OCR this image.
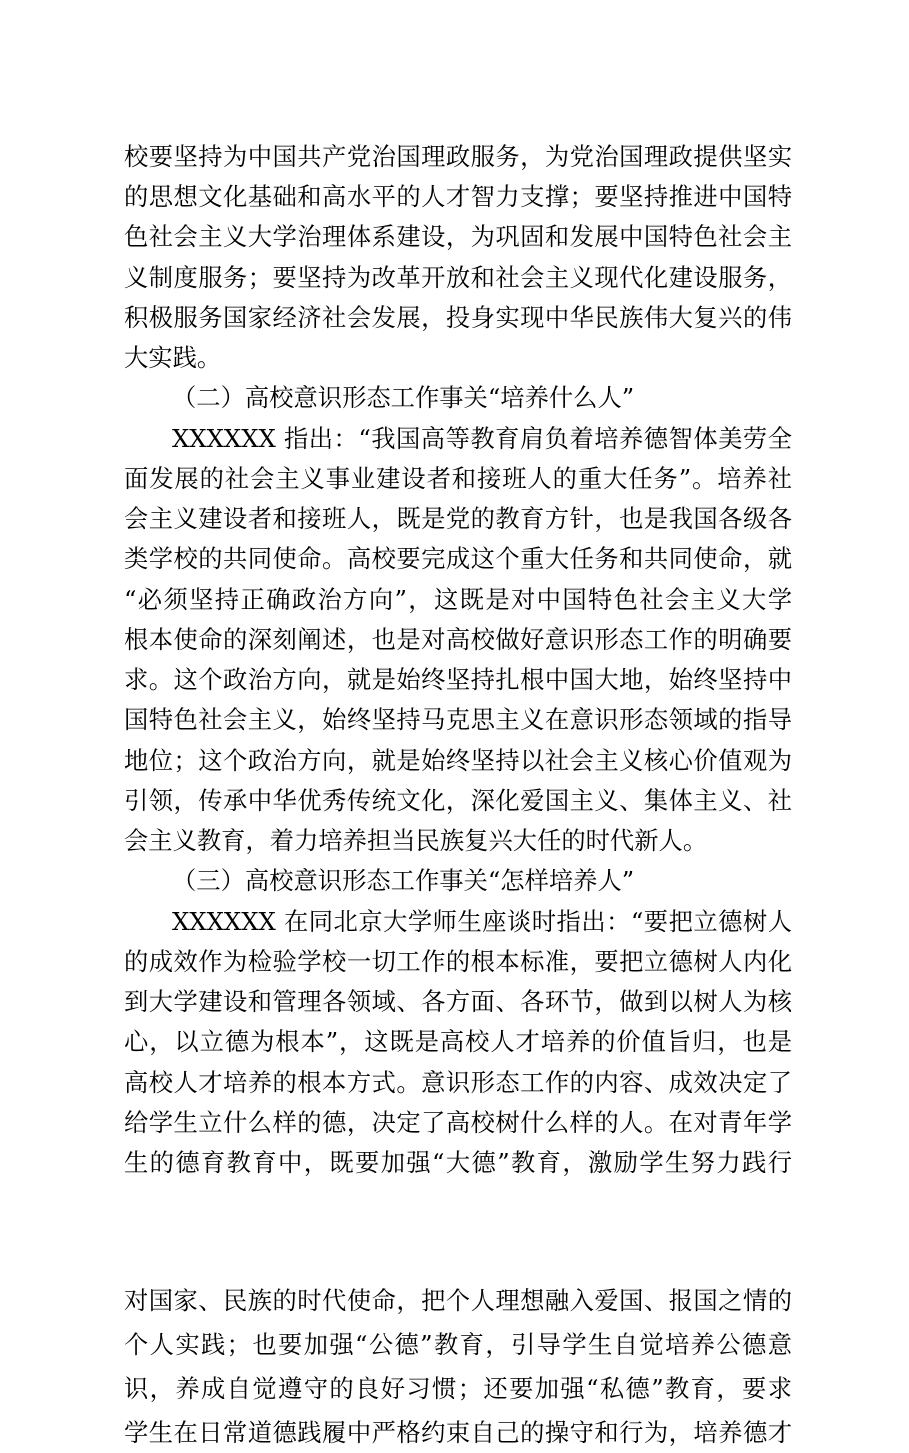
校要坚持为中国共产党治国理政服务，为党治国理政提供坚实
的思想文化基础和高水平的人才智力支撑；要坚持推进中国特
色社会主义大学治理体系建设，为巩固和发展中国特色社会主
义制度服务；要坚持为改革开放和社会主义现代化建设服务，
积极服务国家经济社会发展，投身实现中华民族伟大复兴的伟
大实践。
（二）高校意识形态工作事关“培养什么人”
XXXXXX 指出：“我国高等教育肩负着培养德智体美劳全
面发展的社会主义事业建设者和接班人的重大任务”。培养社
会主义建设者和接班人，既是党的教育方针，也是我国各级各
类学校的共同使命。高校要完成这个重大任务和共同使命，就
“必须坚持正确政治方向”，这既是对中国特色社会主义大学
根本使命的深刻阐述，也是对高校做好意识形态工作的明确要
求。这个政治方向，就是始终坚持扎根中国大地，始终坚持中
国特色社会主义，始终坚持马克思主义在意识形态领域的指导
地位；这个政治方向，就是始终坚持以社会主义核心价值观为
引领，传承中华优秀传统文化，深化爱国主义、集体主义、社
会主义教育，着力培养担当民族复兴大任的时代新人。
（三）高校意识形态工作事关“怎样培养人”
XXXXXX 在同北京大学师生座谈时指出：“要把立德树人
的成效作为检验学校一切工作的根本标准，要把立德树人内化
到大学建设和管理各领域、各方面、各环节，做到以树人为核
心，以立德为根本”，这既是高校人才培养的价值旨归，也是
高校人才培养的根本方式。意识形态工作的内容、成效决定了
给学生立什么样的德，决定了高校树什么样的人。在对青年学
生的德育教育中，既要加强“大德”教育，激励学生努力践行
对国家、民族的时代使命，把个人理想融入爱国、报国之情的
个人实践；也要加强“公德”教育，引导学生自觉培养公德意
识，养成自觉遵守的良好习惯；还要加强“私德”教育，要求
学生在日常道德践履中严格约束自己的操守和行为，培养德才
